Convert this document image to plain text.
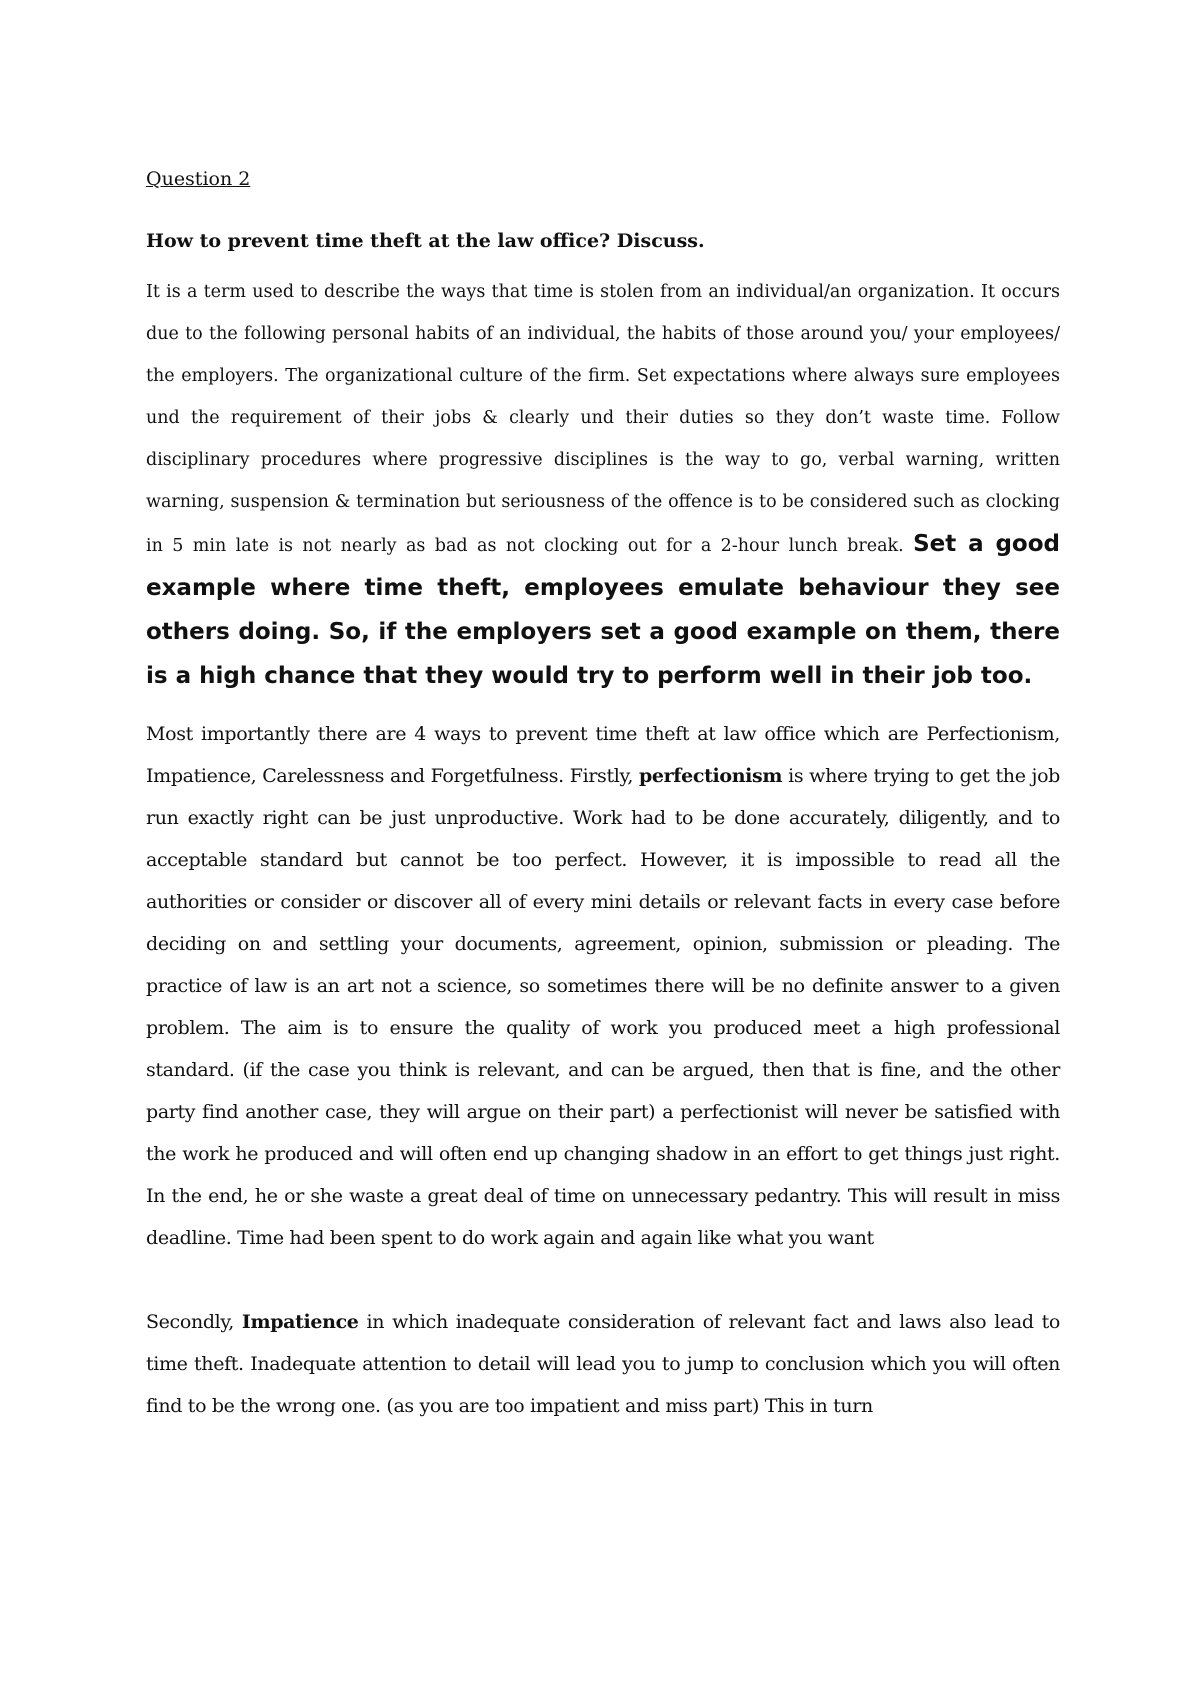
Question 2

How to prevent time theft at the law office? Discuss.

It is a term used to describe the ways that time is stolen from an individual/an organization. It occurs due to the following personal habits of an individual, the habits of those around you/ your employees/ the employers. The organizational culture of the firm. Set expectations where always sure employees und the requirement of their jobs & clearly und their duties so they don’t waste time. Follow disciplinary procedures where progressive disciplines is the way to go, verbal warning, written warning, suspension & termination but seriousness of the offence is to be considered such as clocking in 5 min late is not nearly as bad as not clocking out for a 2-hour lunch break. Set a good example where time theft, employees emulate behaviour they see others doing. So, if the employers set a good example on them, there is a high chance that they would try to perform well in their job too.

Most importantly there are 4 ways to prevent time theft at law office which are Perfectionism, Impatience, Carelessness and Forgetfulness. Firstly, perfectionism is where trying to get the job run exactly right can be just unproductive. Work had to be done accurately, diligently, and to acceptable standard but cannot be too perfect. However, it is impossible to read all the authorities or consider or discover all of every mini details or relevant facts in every case before deciding on and settling your documents, agreement, opinion, submission or pleading. The practice of law is an art not a science, so sometimes there will be no definite answer to a given problem. The aim is to ensure the quality of work you produced meet a high professional standard. (if the case you think is relevant, and can be argued, then that is fine, and the other party find another case, they will argue on their part) a perfectionist will never be satisfied with the work he produced and will often end up changing shadow in an effort to get things just right. In the end, he or she waste a great deal of time on unnecessary pedantry. This will result in miss deadline. Time had been spent to do work again and again like what you want

Secondly, Impatience in which inadequate consideration of relevant fact and laws also lead to time theft. Inadequate attention to detail will lead you to jump to conclusion which you will often find to be the wrong one. (as you are too impatient and miss part) This in turn
